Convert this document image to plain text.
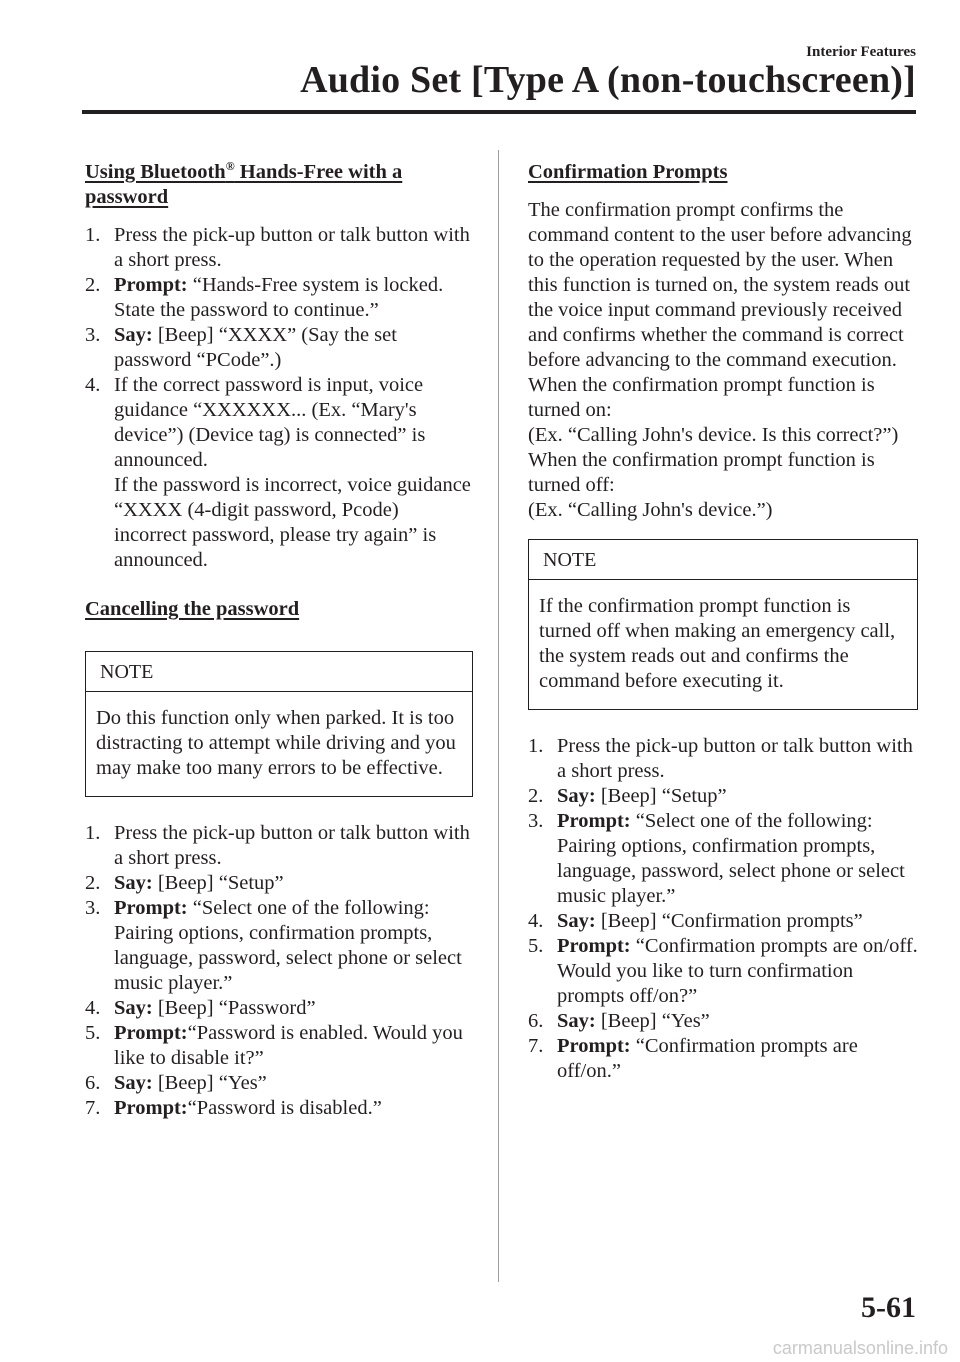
Interior Features
Audio Set [Type A (non-touchscreen)]
Using Bluetooth® Hands-Free with a password
1. Press the pick-up button or talk button with a short press.
2. Prompt: “Hands-Free system is locked. State the password to continue.”
3. Say: [Beep] “XXXX” (Say the set password “PCode”.)
4. If the correct password is input, voice guidance “XXXXXX... (Ex. “Mary's device”) (Device tag) is connected” is announced.
If the password is incorrect, voice guidance “XXXX (4-digit password, Pcode) incorrect password, please try again” is announced.
Cancelling the password
NOTE
Do this function only when parked. It is too distracting to attempt while driving and you may make too many errors to be effective.
1. Press the pick-up button or talk button with a short press.
2. Say: [Beep] “Setup”
3. Prompt: “Select one of the following: Pairing options, confirmation prompts, language, password, select phone or select music player.”
4. Say: [Beep] “Password”
5. Prompt:“Password is enabled. Would you like to disable it?”
6. Say: [Beep] “Yes”
7. Prompt:“Password is disabled.”
Confirmation Prompts

The confirmation prompt confirms the command content to the user before advancing to the operation requested by the user. When this function is turned on, the system reads out the voice input command previously received and confirms whether the command is correct before advancing to the command execution.

When the confirmation prompt function is turned on:

(Ex. “Calling John's device. Is this correct?”)

When the confirmation prompt function is turned off:

(Ex. “Calling John's device.”)

NOTE
If the confirmation prompt function is turned off when making an emergency call, the system reads out and confirms the command before executing it.
1. Press the pick-up button or talk button with a short press.
2. Say: [Beep] “Setup”
3. Prompt: “Select one of the following: Pairing options, confirmation prompts, language, password, select phone or select music player.”
4. Say: [Beep] “Confirmation prompts”
5. Prompt: “Confirmation prompts are on/off. Would you like to turn confirmation prompts off/on?”
6. Say: [Beep] “Yes”
7. Prompt: “Confirmation prompts are off/on.”
5-61
carmanualsonline.info
